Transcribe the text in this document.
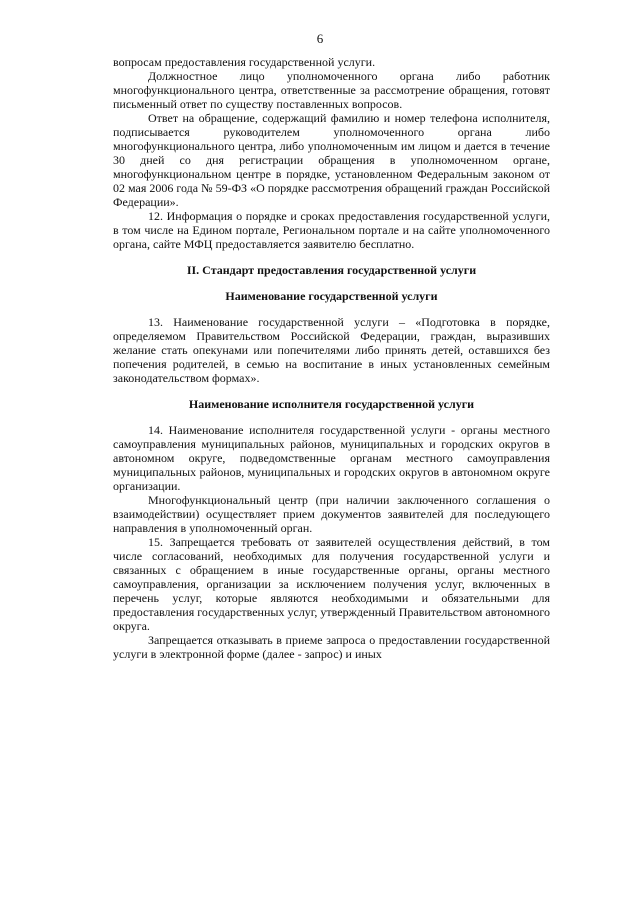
6

вопросам предоставления государственной услуги.

Должностное лицо уполномоченного органа либо работник многофункционального центра, ответственные за рассмотрение обращения, готовят письменный ответ по существу поставленных вопросов.

Ответ на обращение, содержащий фамилию и номер телефона исполнителя, подписывается руководителем уполномоченного органа либо многофункционального центра, либо уполномоченным им лицом и дается в течение 30 дней со дня регистрации обращения в уполномоченном органе, многофункциональном центре в порядке, установленном Федеральным законом от 02 мая 2006 года № 59-ФЗ «О порядке рассмотрения обращений граждан Российской Федерации».

12. Информация о порядке и сроках предоставления государственной услуги, в том числе на Едином портале, Региональном портале и на сайте уполномоченного органа, сайте МФЦ предоставляется заявителю бесплатно.

II. Стандарт предоставления государственной услуги

Наименование государственной услуги

13. Наименование государственной услуги – «Подготовка в порядке, определяемом Правительством Российской Федерации, граждан, выразивших желание стать опекунами или попечителями либо принять детей, оставшихся без попечения родителей, в семью на воспитание в иных установленных семейным законодательством формах».

Наименование исполнителя государственной услуги

14. Наименование исполнителя государственной услуги - органы местного самоуправления муниципальных районов, муниципальных и городских округов в автономном округе, подведомственные органам местного самоуправления муниципальных районов, муниципальных и городских округов в автономном округе организации.

Многофункциональный центр (при наличии заключенного соглашения о взаимодействии) осуществляет прием документов заявителей для последующего направления в уполномоченный орган.

15. Запрещается требовать от заявителей осуществления действий, в том числе согласований, необходимых для получения государственной услуги и связанных с обращением в иные государственные органы, органы местного самоуправления, организации за исключением получения услуг, включенных в перечень услуг, которые являются необходимыми и обязательными для предоставления государственных услуг, утвержденный Правительством автономного округа.

Запрещается отказывать в приеме запроса о предоставлении государственной услуги в электронной форме (далее - запрос) и иных
